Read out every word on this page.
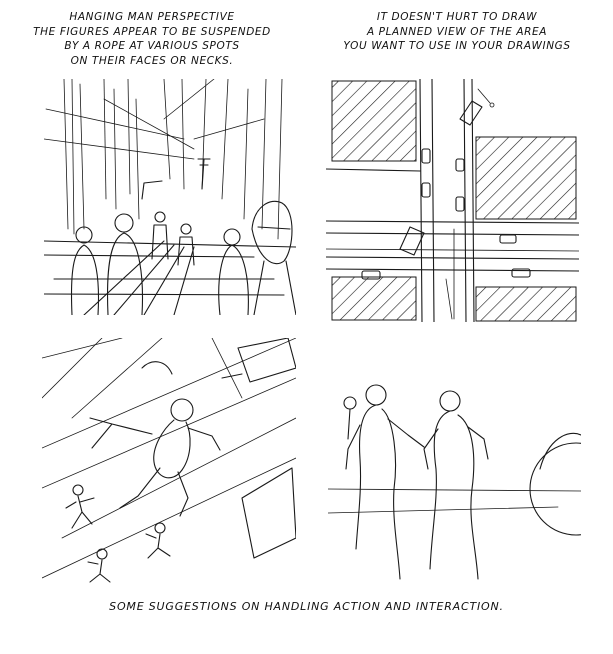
HANGING MAN PERSPECTIVE
THE FIGURES APPEAR TO BE SUSPENDED
BY A ROPE AT VARIOUS SPOTS
ON THEIR FACES OR NECKS.
IT DOESN'T HURT TO DRAW
A PLANNED VIEW OF THE AREA
YOU WANT TO USE IN YOUR DRAWINGS
SOME SUGGESTIONS ON HANDLING ACTION AND INTERACTION.
